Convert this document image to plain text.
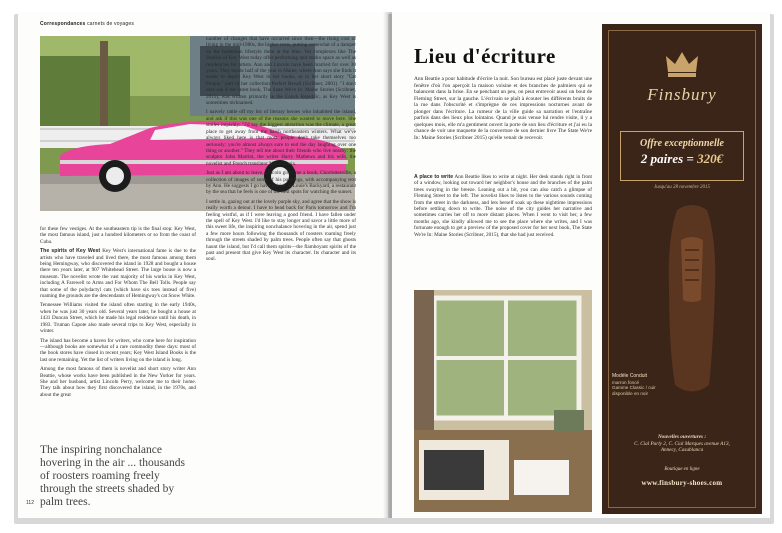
Correspondances carnets de voyages

number of changes that have occurred since then—the rising cost of living in the mid-1980s, the higher rents, putting somewhat of a damper on the bohemian lifestyle there at the time. Yet complexes like The Studios of Key West today offer performing and studio space as well as residencies for artists. Ann and Lincoln have been married for over 30 years. They reside half of the year in Maine, where Ann says she finds it easier to depict Key West in her books, as in her short story "Cat People," part of her collection Perfect Recall (Scribner, 2001). "I don't dare ask if her latest book, The State We're In: Maine Stories (Scribner, 2015), was written primarily in the Conch Republic, as Key West is sometimes nicknamed.

I naively rattle off my list of literary heroes who inhabited the island, and ask if this was one of the reasons she wanted to move here. She smiles impishly: "I'd say the biggest attraction was the climate, a great place to get away from the harsh northeastern winters. What we've always liked here is that most people don't take themselves too seriously; you're almost always sure to end the day laughing over one thing or another." They tell me about their friends who live nearby: the sculptor John Martini, the writer Harry Mathews and his wife, the novelist and French translator Marie Chaix.

Just as I am about to leave, Lincoln gives me a book, Chorlottesville, a collection of images of some of his paintings, with accompanying text by Ann. He suggests I go have a drink at Louie's Backyard, a restaurant by the sea that he feels is one of the best spots for watching the sunset.

I settle in, gazing out at the lovely purple sky, and agree that the show is really worth a detour. I have to head back for Paris tomorrow and I'm feeling wistful, as if I were leaving a good friend. I have fallen under the spell of Key West. I'd like to stay longer and savor a little more of this sweet life, the inspiring nonchalance hovering in the air, spend just a few more hours following the thousands of roosters roaming freely through the streets shaded by palm trees. People often say that ghosts haunt the island, but I'd call them spirits—the flamboyant spirits of the past and present that give Key West its character. Its character and its soul.

for these few vestiges. At the southeastern tip is the final stop: Key West, the most famous island, just a hundred kilometers or so from the coast of Cuba.

The spirits of Key West Key West's international fame is due to the artists who have traveled and lived there, the most famous among them being Hemingway, who discovered the island in 1928 and bought a house there ten years later, at 907 Whitehead Street. The large house is now a museum. The novelist wrote the vast majority of his works in Key West, including A Farewell to Arms and For Whom The Bell Tolls. People say that some of the polydactyl cats (which have six toes instead of five) roaming the grounds are the descendants of Hemingway's cat Snow White.

Tennessee Williams visited the island often starting in the early 1940s, when he was just 30 years old. Several years later, he bought a house at 1431 Duncan Street, which he made his legal residence until his death, in 1983. Truman Capote also made several trips to Key West, especially in winter.

The island has become a haven for writers, who come here for inspiration—although books are somewhat of a rare commodity these days: most of the book stores have closed in recent years; Key West Island Books is the last one remaining. Yet the list of writers living on the island is long.

Among the most famous of them is novelist and short story writer Ann Beattie, whose works have been published in the New Yorker for years. She and her husband, artist Lincoln Perry, welcome me to their home. They talk about how they first discovered the island, in the 1970s, and about the great

The inspiring nonchalance hovering in the air ... thousands of roosters roaming freely through the streets shaded by palm trees.
112
Lieu d'écriture

Ann Beattie a pour habitude d'écrire la nuit. Son bureau est placé juste devant une fenêtre d'où l'on aperçoit la maison voisine et des branches de palmiers qui se balancent dans la brise. En se penchant un peu, on peut entrevoir aussi un bout de Fleming Street, sur la gauche. L'écrivain se plaît à écouter les différents bruits de la rue dans l'obscurité et s'imprègne de ces impressions nocturnes avant de plonger dans l'écriture. La rumeur de la ville guide sa narration et l'entraîne parfois dans des lieux plus lointains. Quand je suis venue lui rendre visite, il y a quelques mois, elle m'a gentiment ouvert la porte de son lieu d'écriture et j'ai eu la chance de voir une maquette de la couverture de son dernier livre The State We're In: Maine Stories (Scribner 2015) qu'elle venait de recevoir.

A place to write Ann Beattie likes to write at night. Her desk stands right in front of a window, looking out toward her neighbor's house and the branches of the palm trees swaying in the breeze. Leaning out a bit, you can also catch a glimpse of Fleming Street to the left. The novelist likes to listen to the various sounds coming from the street in the darkness, and lets herself soak up these nighttime impressions before settling down to write. The noise of the city guides her narrative and sometimes carries her off to more distant places. When I went to visit her, a few months ago, she kindly allowed me to see the place where she writes, and I was fortunate enough to get a preview of the proposed cover for her next book, The State We're In: Maine Stories (Scribner, 2015), that she had just received.
Finsbury
Offre exceptionnelle
2 paires = 320€
Jusqu'au 28 novembre 2015
Modèle Conduit
marron foncé
Gamme Classic / cuir
disponible en noir
Nouvelles ouvertures :
C. Cial Parly 2, C. Cial Marques avenue A13,
Annecy, Casablanca
Boutique en ligne
www.finsbury-shoes.com
